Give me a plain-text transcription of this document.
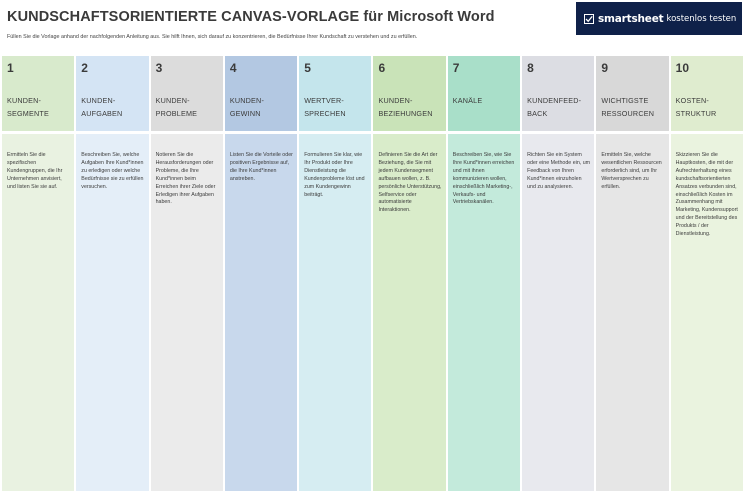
KUNDSCHAFTSORIENTIERTE CANVAS-VORLAGE für Microsoft Word
Füllen Sie die Vorlage anhand der nachfolgenden Anleitung aus. Sie hilft Ihnen, sich darauf zu konzentrieren, die Bedürfnisse Ihrer Kundschaft zu verstehen und zu erfüllen.
smartsheet kostenlos testen
1
KUNDEN-
SEGMENTE
Ermitteln Sie die spezifischen Kundengruppen, die Ihr Unternehmen anvisiert, und listen Sie sie auf.
2
KUNDEN-
AUFGABEN
Beschreiben Sie, welche Aufgaben Ihre Kund*innen zu erledigen oder welche Bedürfnisse sie zu erfüllen versuchen.
3
KUNDEN-
PROBLEME
Notieren Sie die Herausforderungen oder Probleme, die Ihre Kund*innen beim Erreichen ihrer Ziele oder Erledigen ihrer Aufgaben haben.
4
KUNDEN-
GEWINN
Listen Sie die Vorteile oder positiven Ergebnisse auf, die Ihre Kund*innen anstreben.
5
WERTVER-
SPRECHEN
Formulieren Sie klar, wie Ihr Produkt oder Ihre Dienstleistung die Kundenprobleme löst und zum Kundengewinn beiträgt.
6
KUNDEN-
BEZIEHUNGEN
Definieren Sie die Art der Beziehung, die Sie mit jedem Kundensegment aufbauen wollen, z. B. persönliche Unterstützung, Selfservice oder automatisierte Interaktionen.
7
KANÄLE
Beschreiben Sie, wie Sie Ihre Kund*innen erreichen und mit ihnen kommunizieren wollen, einschließlich Marketing-, Verkaufs- und Vertriebskanälen.
8
KUNDENFEED-
BACK
Richten Sie ein System oder eine Methode ein, um Feedback von Ihren Kund*innen einzuholen und zu analysieren.
9
WICHTIGSTE
RESSOURCEN
Ermitteln Sie, welche wesentlichen Ressourcen erforderlich sind, um Ihr Wertversprechen zu erfüllen.
10
KOSTEN-
STRUKTUR
Skizzieren Sie die Hauptkosten, die mit der Aufrechterhaltung eines kundschaftsorientierten Ansatzes verbunden sind, einschließlich Kosten im Zusammenhang mit Marketing, Kundensupport und der Bereitstellung des Produkts / der Dienstleistung.
